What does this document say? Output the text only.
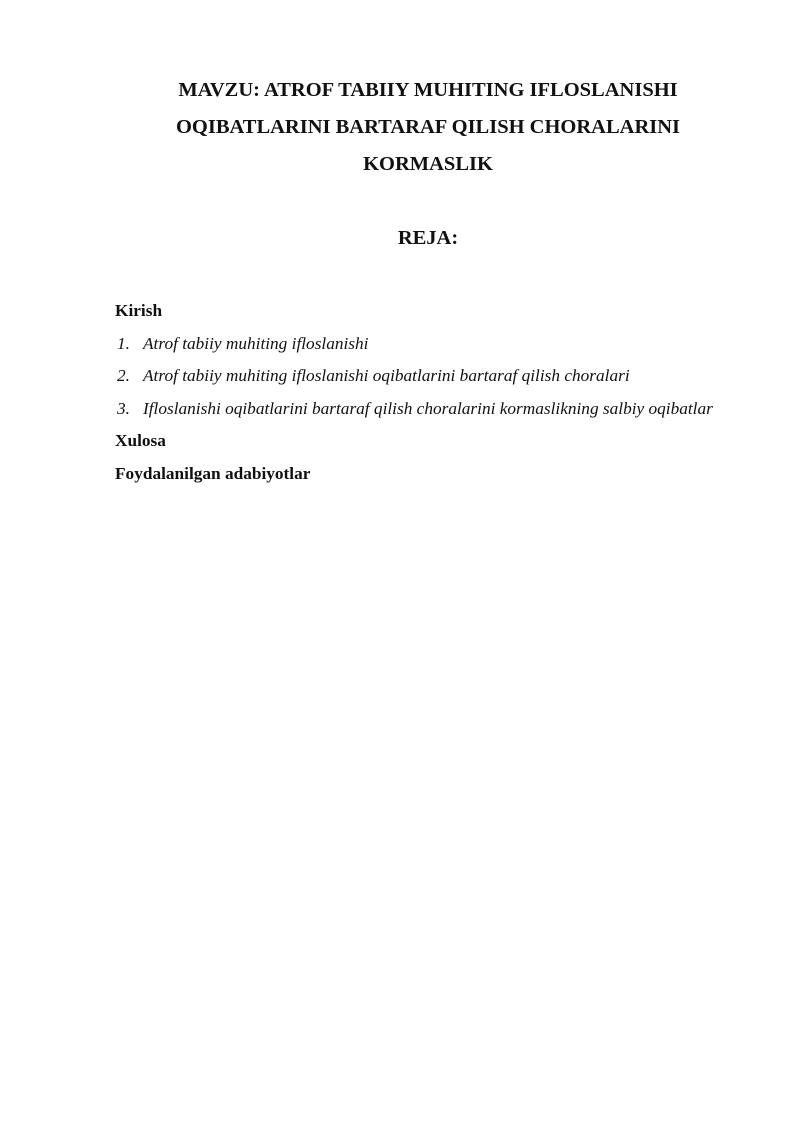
MAVZU: ATROF TABIIY MUHITING IFLOSLANISHI
OQIBATLARINI BARTARAF QILISH CHORALARINI
KORMASLIK
REJA:
Kirish
1. Atrof tabiiy muhiting ifloslanishi
2. Atrof tabiiy muhiting ifloslanishi oqibatlarini bartaraf qilish choralari
3. Ifloslanishi oqibatlarini bartaraf qilish choralarini kormaslikning salbiy oqibatlar
Xulosa
Foydalanilgan adabiyotlar
